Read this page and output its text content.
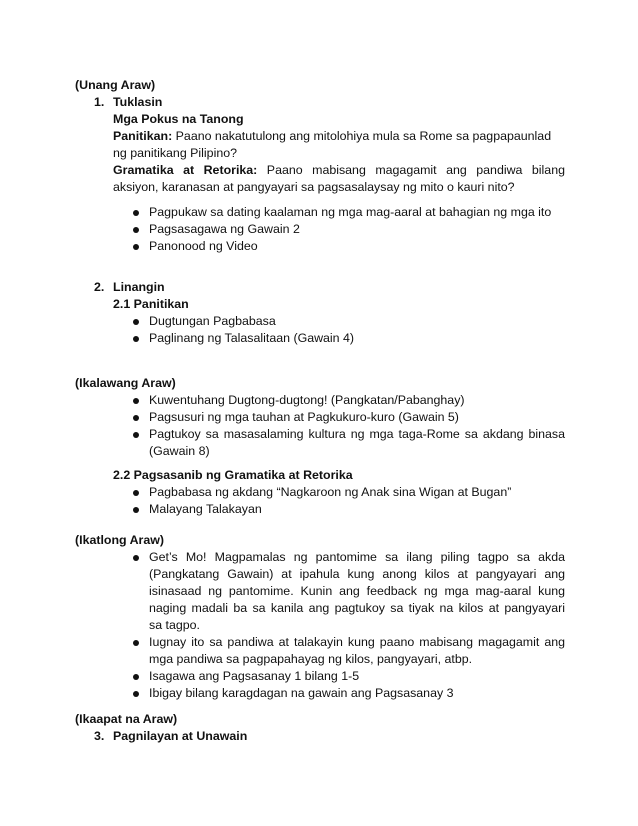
(Unang Araw)
1. Tuklasin
Mga Pokus na Tanong
Panitikan: Paano nakatutulong ang mitolohiya mula sa Rome sa pagpapaunlad
ng panitikang Pilipino?
Gramatika at Retorika: Paano mabisang magagamit ang pandiwa bilang
aksiyon, karanasan at pangyayari sa pagsasalaysay ng mito o kauri nito?
Pagpukaw sa dating kaalaman ng mga mag-aaral at bahagian ng mga ito
Pagsasagawa ng Gawain 2
Panonood ng Video
2. Linangin
2.1 Panitikan
Dugtungan Pagbabasa
Paglinang ng Talasalitaan (Gawain 4)
(Ikalawang Araw)
Kuwentuhang Dugtong-dugtong! (Pangkatan/Pabanghay)
Pagsusuri ng mga tauhan at Pagkukuro-kuro (Gawain 5)
Pagtukoy sa masasalaming kultura ng mga taga-Rome sa akdang binasa
(Gawain 8)
2.2 Pagsasanib ng Gramatika at Retorika
Pagbabasa ng akdang “Nagkaroon ng Anak sina Wigan at Bugan”
Malayang Talakayan
(Ikatlong Araw)
Get’s Mo! Magpamalas ng pantomime sa ilang piling tagpo sa akda
(Pangkatang Gawain) at ipahula kung anong kilos at pangyayari ang
isinasaad ng pantomime. Kunin ang feedback ng mga mag-aaral kung
naging madali ba sa kanila ang pagtukoy sa tiyak na kilos at pangyayari
sa tagpo.
Iugnay ito sa pandiwa at talakayin kung paano mabisang magagamit ang
mga pandiwa sa pagpapahayag ng kilos, pangyayari, atbp.
Isagawa ang Pagsasanay 1 bilang 1-5
Ibigay bilang karagdagan na gawain ang Pagsasanay 3
(Ikaapat na Araw)
3. Pagnilayan at Unawain
